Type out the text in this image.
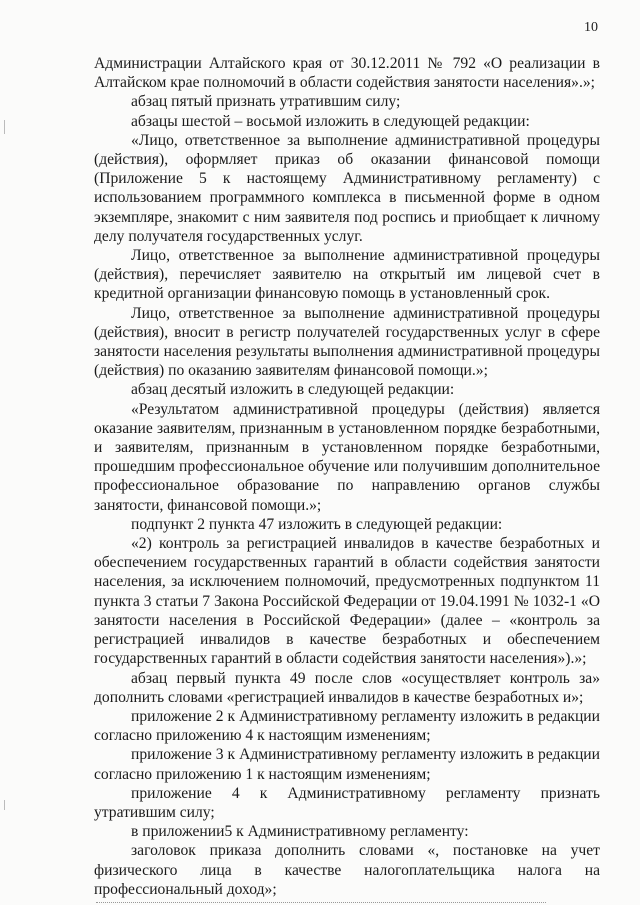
10

Администрации Алтайского края от 30.12.2011 № 792 «О реализации в Алтайском крае полномочий в области содействия занятости населения».»;

абзац пятый признать утратившим силу;

абзацы шестой – восьмой изложить в следующей редакции:

«Лицо, ответственное за выполнение административной процедуры (действия), оформляет приказ об оказании финансовой помощи (Приложение 5 к настоящему Административному регламенту) с использованием программного комплекса в письменной форме в одном экземпляре, знакомит с ним заявителя под роспись и приобщает к личному делу получателя государственных услуг.

Лицо, ответственное за выполнение административной процедуры (действия), перечисляет заявителю на открытый им лицевой счет в кредитной организации финансовую помощь в установленный срок.

Лицо, ответственное за выполнение административной процедуры (действия), вносит в регистр получателей государственных услуг в сфере занятости населения результаты выполнения административной процедуры (действия) по оказанию заявителям финансовой помощи.»;

абзац десятый изложить в следующей редакции:

«Результатом административной процедуры (действия) является оказание заявителям, признанным в установленном порядке безработными, и заявителям, признанным в установленном порядке безработными, прошедшим профессиональное обучение или получившим дополнительное профессиональное образование по направлению органов службы занятости, финансовой помощи.»;

подпункт 2 пункта 47 изложить в следующей редакции:

«2) контроль за регистрацией инвалидов в качестве безработных и обеспечением государственных гарантий в области содействия занятости населения, за исключением полномочий, предусмотренных подпунктом 11 пункта 3 статьи 7 Закона Российской Федерации от 19.04.1991 № 1032-1 «О занятости населения в Российской Федерации» (далее – «контроль за регистрацией инвалидов в качестве безработных и обеспечением государственных гарантий в области содействия занятости населения»).»;

абзац первый пункта 49 после слов «осуществляет контроль за» дополнить словами «регистрацией инвалидов в качестве безработных и»;

приложение 2 к Административному регламенту изложить в редакции согласно приложению 4 к настоящим изменениям;

приложение 3 к Административному регламенту изложить в редакции согласно приложению 1 к настоящим изменениям;

приложение 4 к Административному регламенту признать утратившим силу;

в приложении5 к Административному регламенту:

заголовок приказа дополнить словами «, постановке на учет физического лица в качестве налогоплательщика налога на профессиональный доход»;
